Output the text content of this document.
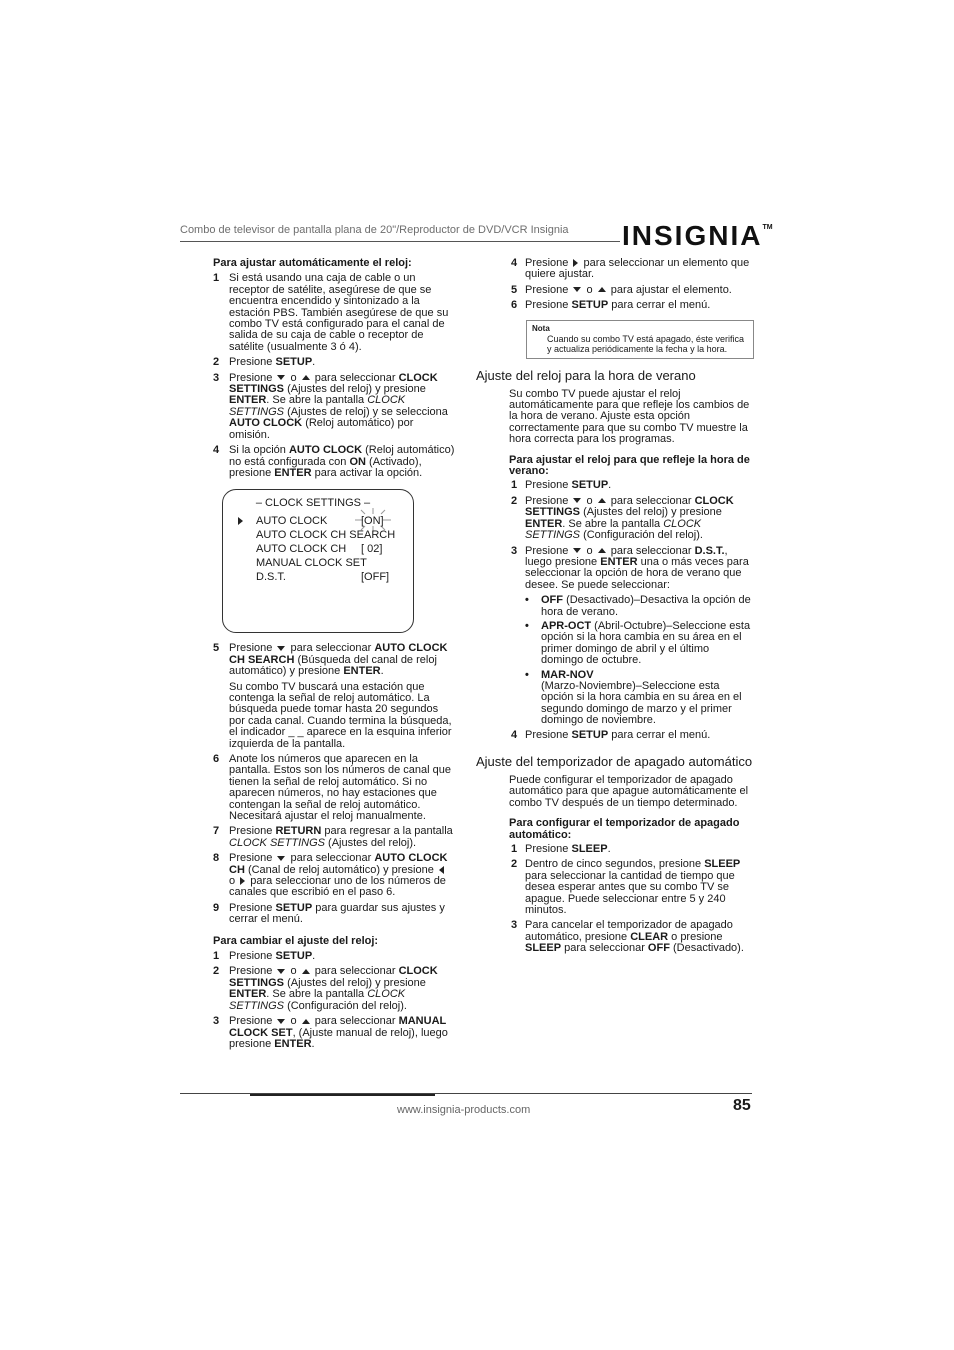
Combo de televisor de pantalla plana de 20"/Reproductor de DVD/VCR Insignia INSIGNIA™
Para ajustar automáticamente el reloj:
1 Si está usando una caja de cable o un receptor de satélite, asegúrese de que se encuentra encendido y sintonizado a la estación PBS. También asegúrese de que su combo TV está configurado para el canal de salida de su caja de cable o receptor de satélite (usualmente 3 ó 4).
2 Presione SETUP.
3 Presione o para seleccionar CLOCK SETTINGS (Ajustes del reloj) y presione ENTER. Se abre la pantalla CLOCK SETTINGS (Ajustes de reloj) y se selecciona AUTO CLOCK (Reloj automático) por omisión.
4 Si la opción AUTO CLOCK (Reloj automático) no está configurada con ON (Activado), presione ENTER para activar la opción.
– CLOCK SETTINGS –
AUTO CLOCK	[ON]
AUTO CLOCK CH SEARCH
AUTO CLOCK CH [ 02]
MANUAL CLOCK SET
D.S.T.	[OFF]
5 Presione para seleccionar AUTO CLOCK CH SEARCH (Búsqueda del canal de reloj automático) y presione ENTER.
Su combo TV buscará una estación que contenga la señal de reloj automático. La búsqueda puede tomar hasta 20 segundos por cada canal. Cuando termina la búsqueda, el indicador _ _ aparece en la esquina inferior izquierda de la pantalla.
6 Anote los números que aparecen en la pantalla. Estos son los números de canal que tienen la señal de reloj automático. Si no aparecen números, no hay estaciones que contengan la señal de reloj automático. Necesitará ajustar el reloj manualmente.
7 Presione RETURN para regresar a la pantalla CLOCK SETTINGS (Ajustes del reloj).
8 Presione para seleccionar AUTO CLOCK CH (Canal de reloj automático) y presione  o para seleccionar uno de los números de canales que escribió en el paso 6.
9 Presione SETUP para guardar sus ajustes y cerrar el menú.
Para cambiar el ajuste del reloj:
1 Presione SETUP.
2 Presione o para seleccionar CLOCK SETTINGS (Ajustes del reloj) y presione ENTER. Se abre la pantalla CLOCK SETTINGS (Configuración del reloj).
3 Presione o para seleccionar MANUAL CLOCK SET, (Ajuste manual de reloj), luego presione ENTER.
4 Presione para seleccionar un elemento que quiere ajustar.
5 Presione o para ajustar el elemento.
6 Presione SETUP para cerrar el menú.
Nota
Cuando su combo TV está apagado, éste verifica y actualiza periódicamente la fecha y la hora.
Ajuste del reloj para la hora de verano
Su combo TV puede ajustar el reloj automáticamente para que refleje los cambios de la hora de verano. Ajuste esta opción correctamente para que su combo TV muestre la hora correcta para los programas.
Para ajustar el reloj para que refleje la hora de verano:
1 Presione SETUP.
2 Presione o para seleccionar CLOCK SETTINGS (Ajustes del reloj) y presione ENTER. Se abre la pantalla CLOCK SETTINGS (Configuración del reloj).
3 Presione o para seleccionar D.S.T., luego presione ENTER una o más veces para seleccionar la opción de hora de verano que desee. Se puede seleccionar:
•	OFF (Desactivado)–Desactiva la opción de hora de verano.
•	APR-OCT (Abril-Octubre)–Seleccione esta opción si la hora cambia en su área en el primer domingo de abril y el último domingo de octubre.
•	MAR-NOV
(Marzo-Noviembre)–Seleccione esta opción si la hora cambia en su área en el segundo domingo de marzo y el primer domingo de noviembre.
4 Presione SETUP para cerrar el menú.
Ajuste del temporizador de apagado automático
Puede configurar el temporizador de apagado automático para que apague automáticamente el combo TV después de un tiempo determinado.
Para configurar el temporizador de apagado automático:
1 Presione SLEEP.
2 Dentro de cinco segundos, presione SLEEP para seleccionar la cantidad de tiempo que desea esperar antes que su combo TV se apague. Puede seleccionar entre 5 y 240 minutos.
3 Para cancelar el temporizador de apagado automático, presione CLEAR o presione SLEEP para seleccionar OFF (Desactivado).
www.insignia-products.com	85
